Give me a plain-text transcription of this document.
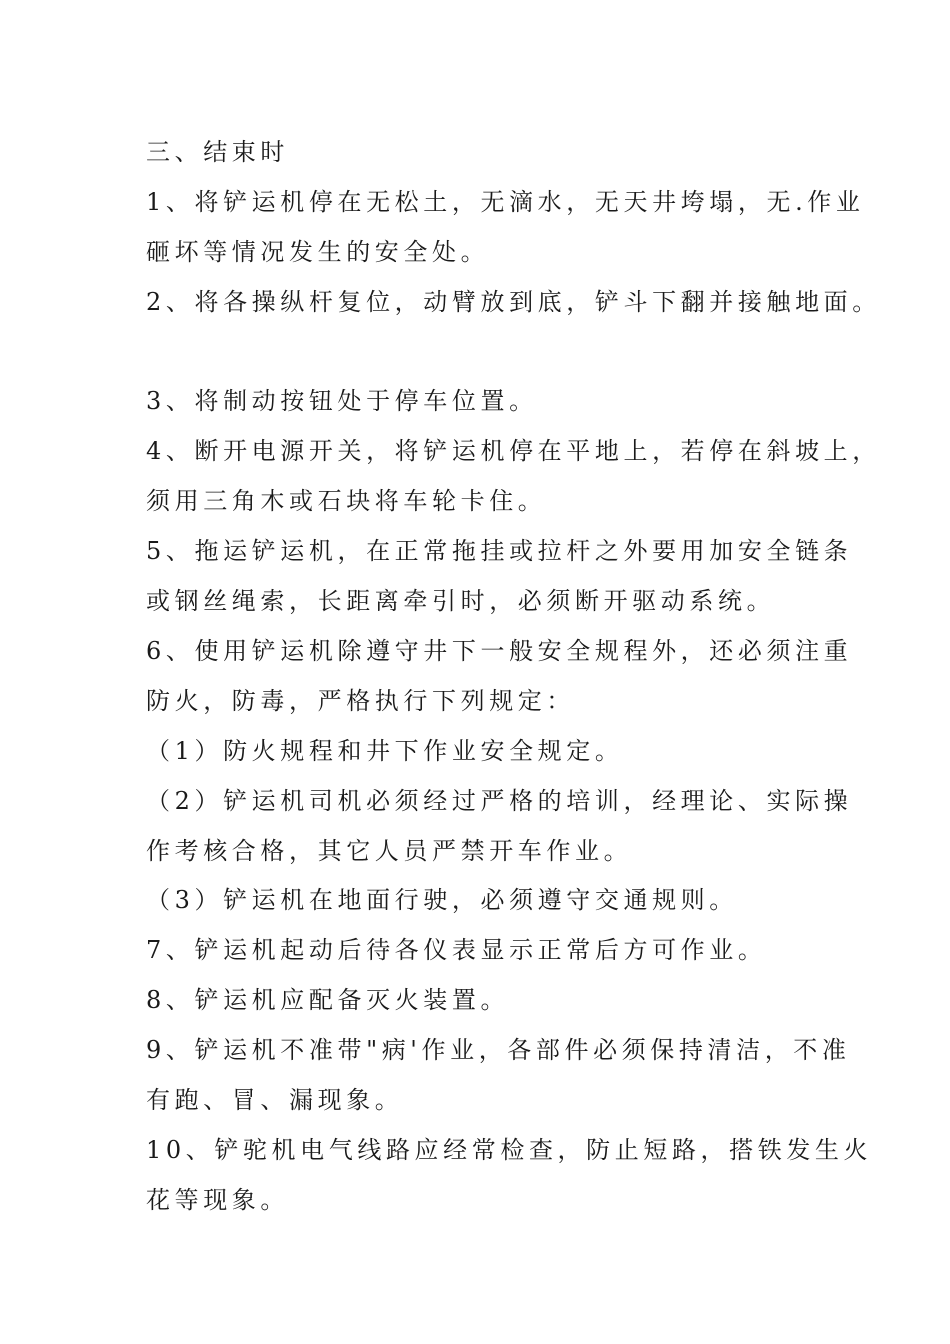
三、结束时
1、将铲运机停在无松土，无滴水，无天井垮塌，无.作业
砸坏等情况发生的安全处。
2、将各操纵杆复位，动臂放到底，铲斗下翻并接触地面。
3、将制动按钮处于停车位置。
4、断开电源开关，将铲运机停在平地上，若停在斜坡上，
须用三角木或石块将车轮卡住。
5、拖运铲运机，在正常拖挂或拉杆之外要用加安全链条
或钢丝绳索，长距离牵引时，必须断开驱动系统。
6、使用铲运机除遵守井下一般安全规程外，还必须注重
防火，防毒，严格执行下列规定：
（1）防火规程和井下作业安全规定。
（2）铲运机司机必须经过严格的培训，经理论、实际操
作考核合格，其它人员严禁开车作业。
（3）铲运机在地面行驶，必须遵守交通规则。
7、铲运机起动后待各仪表显示正常后方可作业。
8、铲运机应配备灭火装置。
9、铲运机不准带"病'作业，各部件必须保持清洁，不准
有跑、冒、漏现象。
10、铲驼机电气线路应经常检查，防止短路，搭铁发生火
花等现象。
